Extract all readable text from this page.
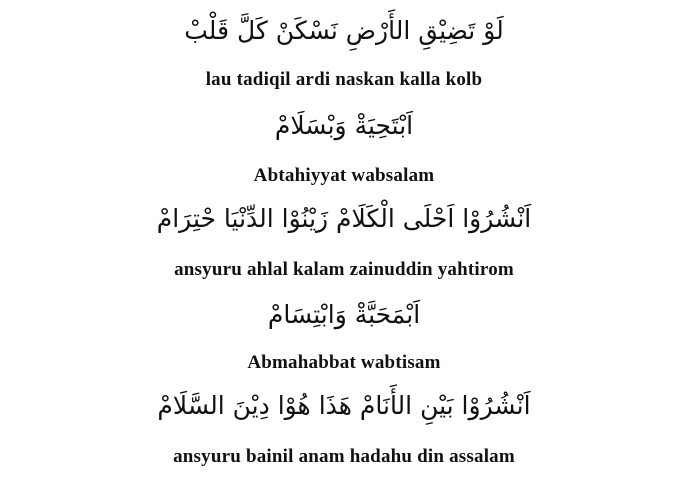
لَوْ تَضِيْقِ الأَرْضِ نَسْكَنْ كَلَّ قَلْبْ
lau tadiqil ardi naskan kalla kolb
اَبْتَحِيَةْ وَبْسَلَامْ
Abtahiyyat wabsalam
اَنْشُرُوْا اَحْلَى الْكَلَامْ زَيْنُوْا الدِّنْيَا حْتِرَامْ
ansyuru ahlal kalam zainuddin yahtirom
اَبْمَحَبَّةْ وَابْتِسَامْ
Abmahabbat wabtisam
اَنْشُرُوْا بَيْنِ الأَنَامْ هَذَا هُوْا دِيْنَ السَّلَامْ
ansyuru bainil anam hadahu din assalam
